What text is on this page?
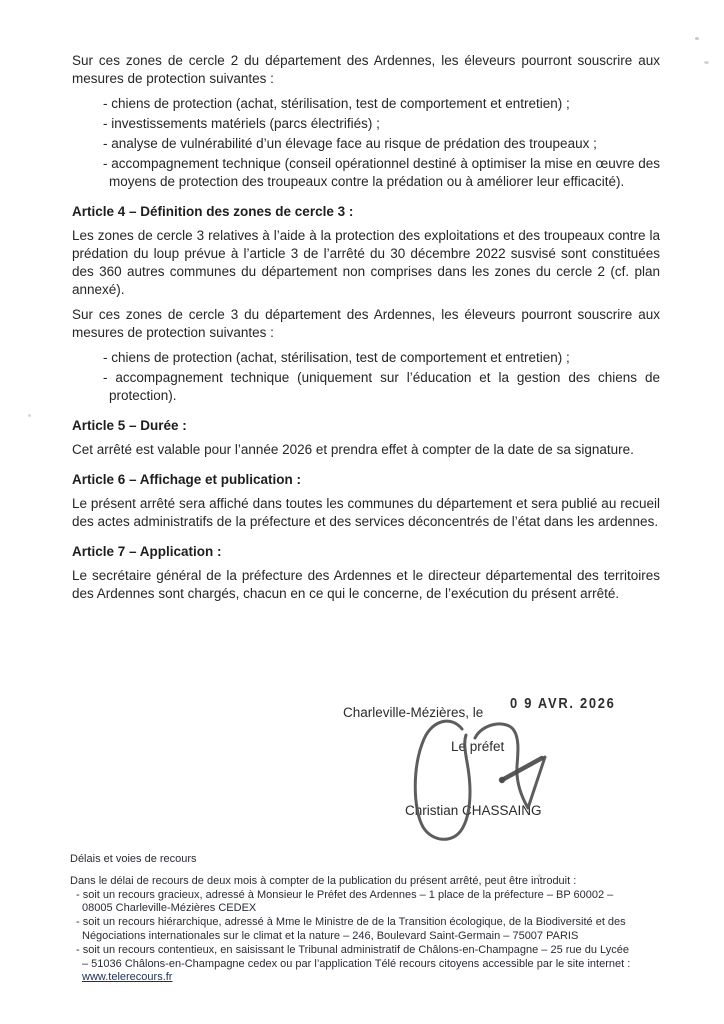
Sur ces zones de cercle 2 du département des Ardennes, les éleveurs pourront souscrire aux mesures de protection suivantes :

- chiens de protection (achat, stérilisation, test de comportement et entretien) ;
- investissements matériels (parcs électrifiés) ;
- analyse de vulnérabilité d’un élevage face au risque de prédation des troupeaux ;
- accompagnement technique (conseil opérationnel destiné à optimiser la mise en œuvre des moyens de protection des troupeaux contre la prédation ou à améliorer leur efficacité).
Article 4 – Définition des zones de cercle 3 :

Les zones de cercle 3 relatives à l’aide à la protection des exploitations et des troupeaux contre la prédation du loup prévue à l’article 3 de l’arrêté du 30 décembre 2022 susvisé sont constituées des 360 autres communes du département non comprises dans les zones du cercle 2 (cf. plan annexé).

Sur ces zones de cercle 3 du département des Ardennes, les éleveurs pourront souscrire aux mesures de protection suivantes :

- chiens de protection (achat, stérilisation, test de comportement et entretien) ;
- accompagnement technique (uniquement sur l’éducation et la gestion des chiens de protection).
Article 5 – Durée :

Cet arrêté est valable pour l’année 2026 et prendra effet à compter de la date de sa signature.

Article 6 – Affichage et publication :

Le présent arrêté sera affiché dans toutes les communes du département et sera publié au recueil des actes administratifs de la préfecture et des services déconcentrés de l’état dans les ardennes.

Article 7 – Application :

Le secrétaire général de la préfecture des Ardennes et le directeur départemental des territoires des Ardennes sont chargés, chacun en ce qui le concerne, de l’exécution du présent arrêté.

Charleville-Mézières, le
0 9 AVR. 2026
Le préfet
Christian CHASSAING
Délais et voies de recours
Dans le délai de recours de deux mois à compter de la publication du présent arrêté, peut être introduit :
- soit un recours gracieux, adressé à Monsieur le Préfet des Ardennes – 1 place de la préfecture – BP 60002 –
08005 Charleville-Mézières CEDEX
- soit un recours hiérarchique, adressé à Mme le Ministre de de la Transition écologique, de la Biodiversité et des
Négociations internationales sur le climat et la nature – 246, Boulevard Saint-Germain – 75007 PARIS
- soit un recours contentieux, en saisissant le Tribunal administratif de Châlons-en-Champagne – 25 rue du Lycée
– 51036 Châlons-en-Champagne cedex ou par l’application Télé recours citoyens accessible par le site internet :
www.telerecours.fr
